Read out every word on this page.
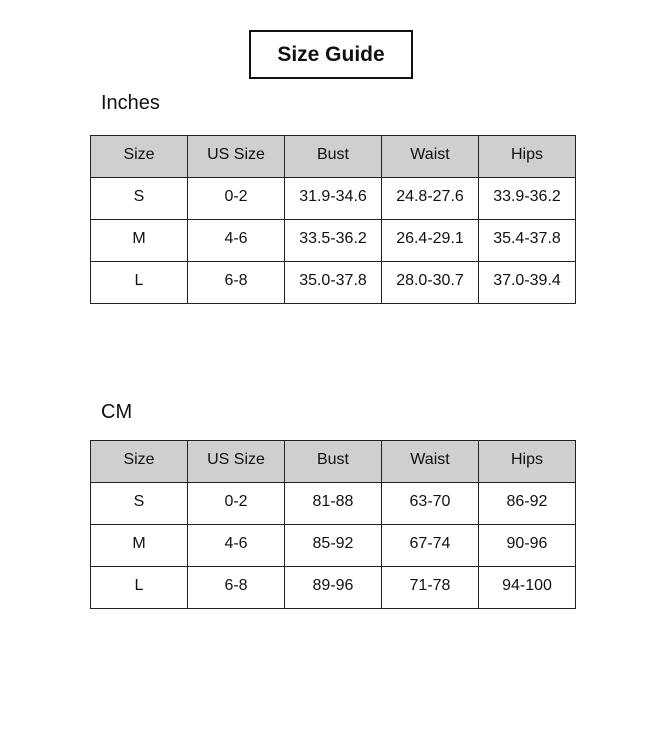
Size Guide
Inches
Size	US Size	Bust	Waist	Hips
S	0-2	31.9-34.6	24.8-27.6	33.9-36.2
M	4-6	33.5-36.2	26.4-29.1	35.4-37.8
L	6-8	35.0-37.8	28.0-30.7	37.0-39.4
CM
Size	US Size	Bust	Waist	Hips
S	0-2	81-88	63-70	86-92
M	4-6	85-92	67-74	90-96
L	6-8	89-96	71-78	94-100
